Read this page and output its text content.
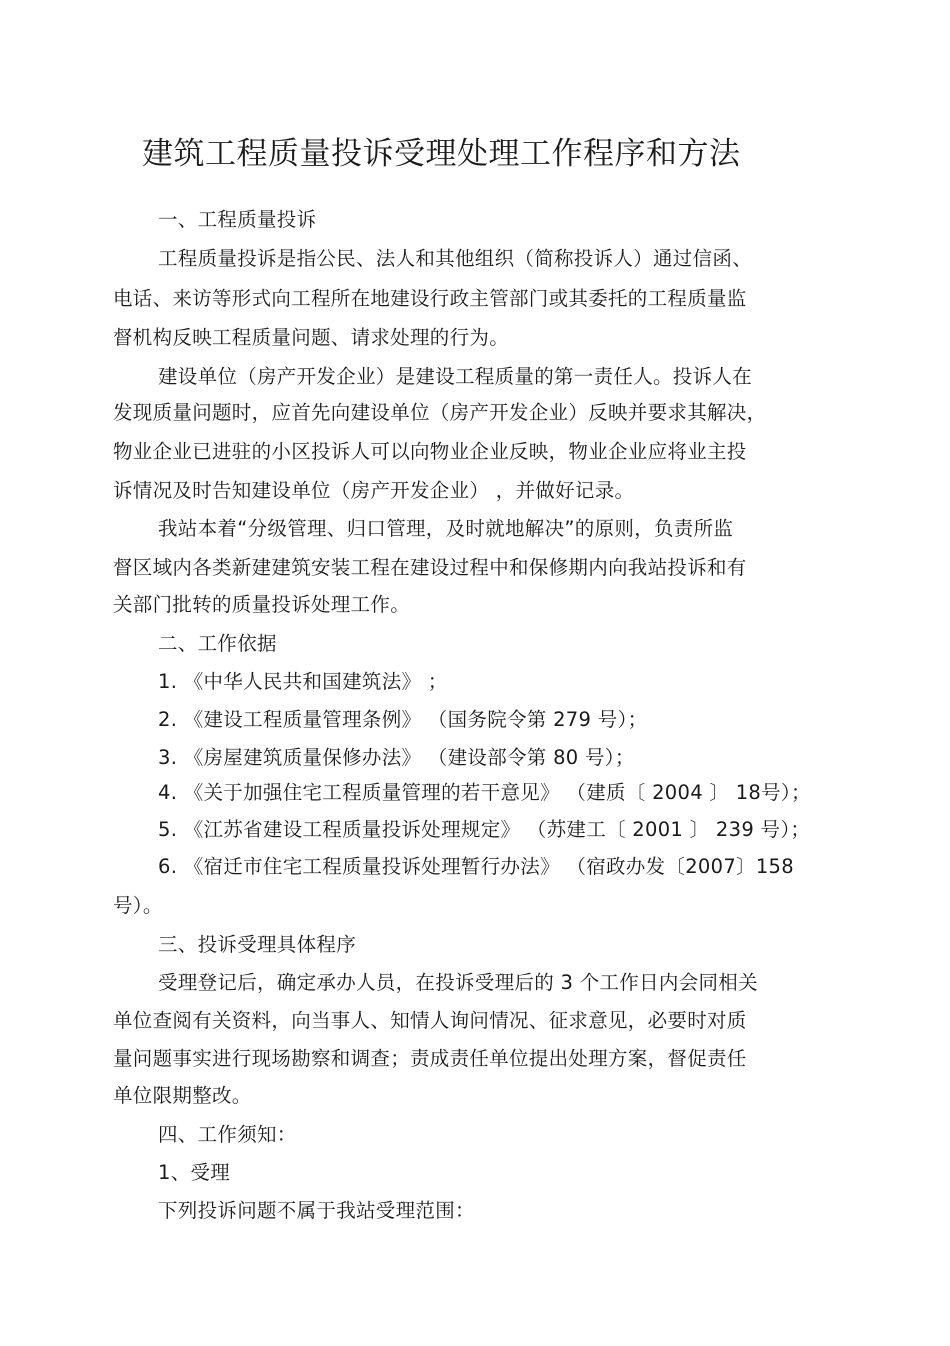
建筑工程质量投诉受理处理工作程序和方法
一、工程质量投诉
工程质量投诉是指公民、法人和其他组织（简称投诉人）通过信函、
电话、来访等形式向工程所在地建设行政主管部门或其委托的工程质量监
督机构反映工程质量问题、请求处理的行为。
建设单位（房产开发企业）是建设工程质量的第一责任人。投诉人在
发现质量问题时，应首先向建设单位（房产开发企业）反映并要求其解决，
物业企业已进驻的小区投诉人可以向物业企业反映，物业企业应将业主投
诉情况及时告知建设单位（房产开发企业） ，并做好记录。
我站本着“分级管理、归口管理，及时就地解决”的原则，负责所监
督区域内各类新建建筑安装工程在建设过程中和保修期内向我站投诉和有
关部门批转的质量投诉处理工作。
二、工作依据
1. 《中华人民共和国建筑法》 ；
2. 《建设工程质量管理条例》 （国务院令第 279 号）；
3. 《房屋建筑质量保修办法》 （建设部令第 80 号）；
4. 《关于加强住宅工程质量管理的若干意见》 （建质〔 2004 〕 18号）；
5. 《江苏省建设工程质量投诉处理规定》 （苏建工〔 2001 〕 239 号）；
6. 《宿迁市住宅工程质量投诉处理暂行办法》 （宿政办发〔2007〕158
号）。
三、投诉受理具体程序
受理登记后，确定承办人员，在投诉受理后的 3 个工作日内会同相关
单位查阅有关资料，向当事人、知情人询问情况、征求意见，必要时对质
量问题事实进行现场勘察和调查；责成责任单位提出处理方案，督促责任
单位限期整改。
四、工作须知：
1、受理
下列投诉问题不属于我站受理范围：
